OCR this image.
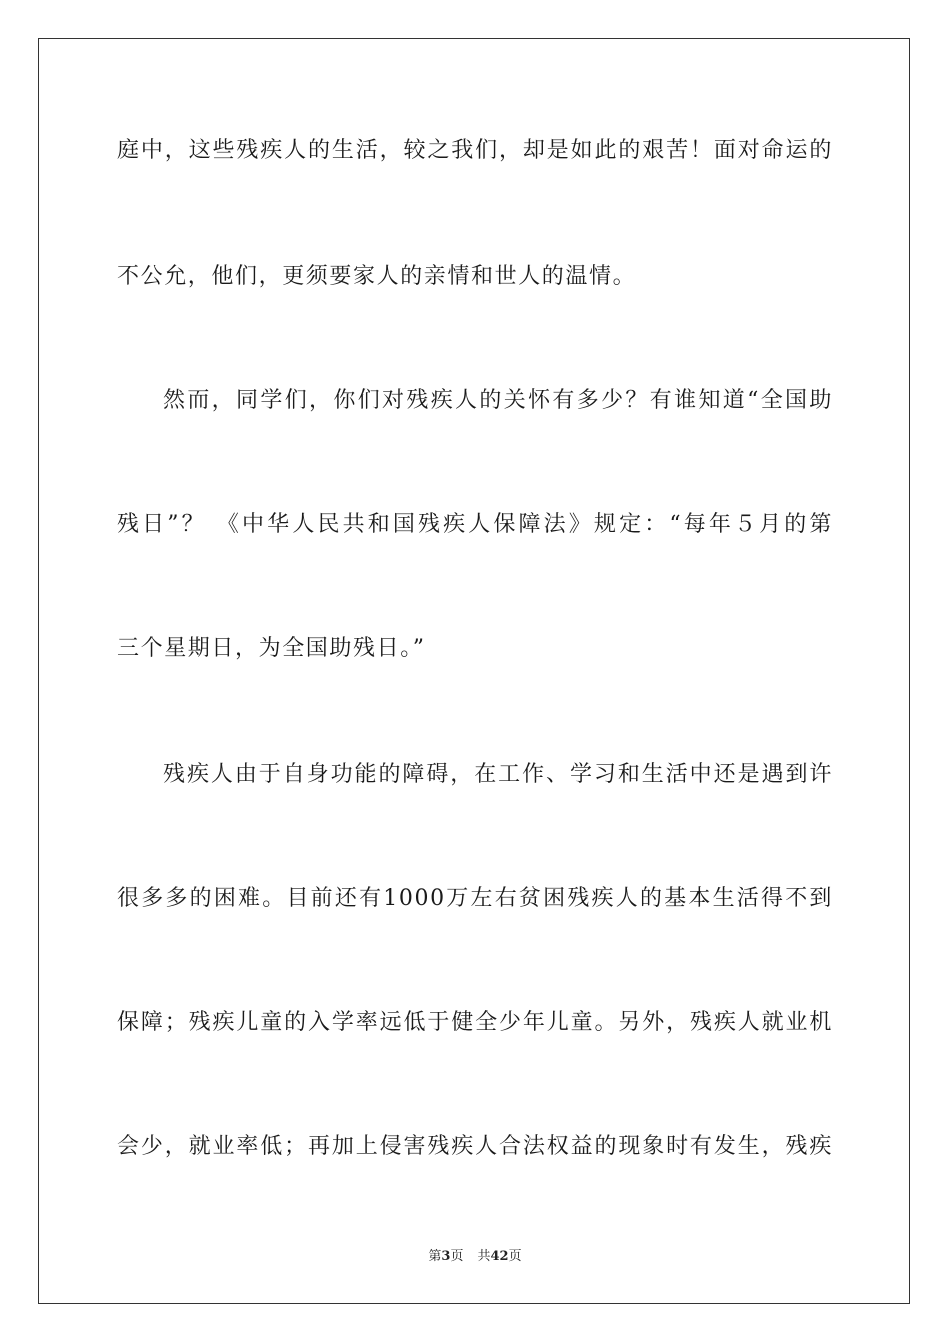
庭中，这些残疾人的生活，较之我们，却是如此的艰苦！面对命运的
不公允，他们，更须要家人的亲情和世人的温情。
然而，同学们，你们对残疾人的关怀有多少？有谁知道“全国助
残日”？ 《中华人民共和国残疾人保障法》规定：“每年５月的第
三个星期日，为全国助残日。”
残疾人由于自身功能的障碍，在工作、学习和生活中还是遇到许
很多多的困难。目前还有1000万左右贫困残疾人的基本生活得不到
保障；残疾儿童的入学率远低于健全少年儿童。另外，残疾人就业机
会少，就业率低；再加上侵害残疾人合法权益的现象时有发生，残疾
第3页 共42页
